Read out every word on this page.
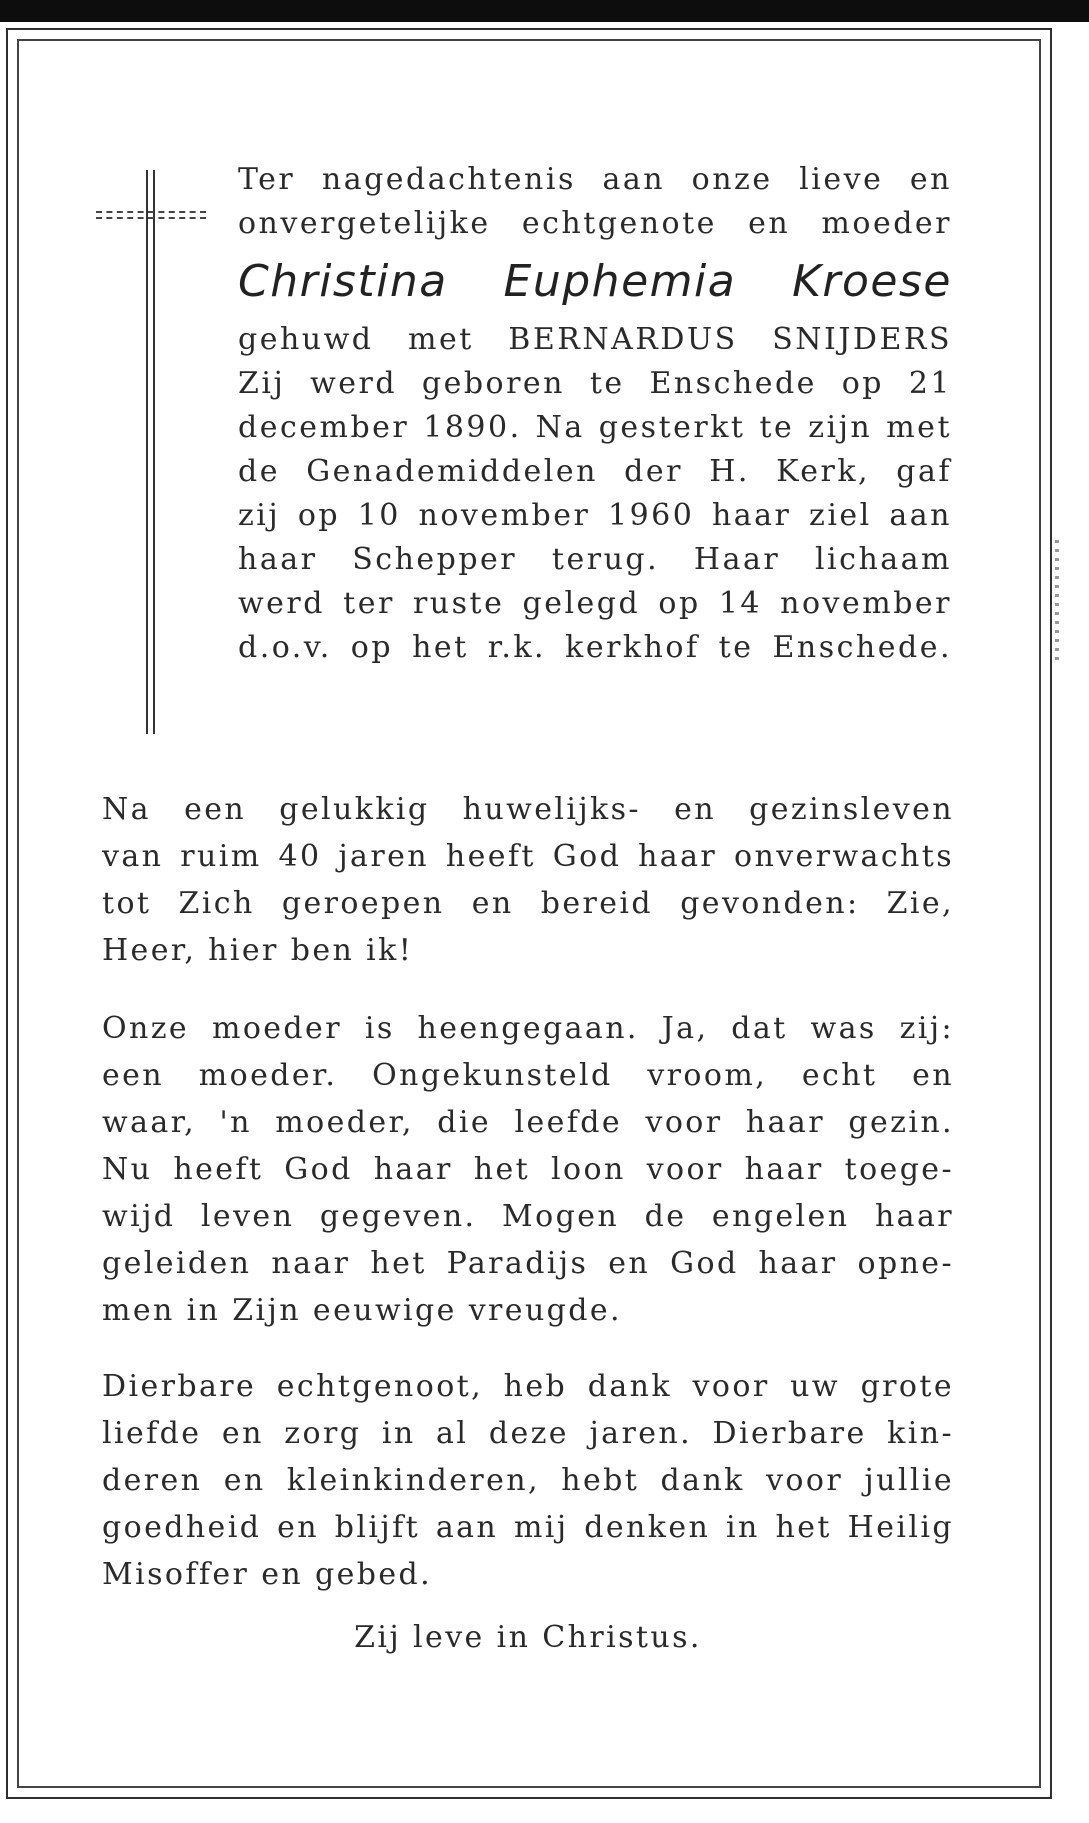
Ter nagedachtenis aan onze lieve en
onvergetelijke echtgenote en moeder
Christina Euphemia Kroese
gehuwd met BERNARDUS SNIJDERS
Zij werd geboren te Enschede op 21
december 1890. Na gesterkt te zijn met
de Genademiddelen der H. Kerk, gaf
zij op 10 november 1960 haar ziel aan
haar Schepper terug. Haar lichaam
werd ter ruste gelegd op 14 november
d.o.v. op het r.k. kerkhof te Enschede.
Na een gelukkig huwelijks- en gezinsleven
van ruim 40 jaren heeft God haar onverwachts
tot Zich geroepen en bereid gevonden: Zie,
Heer, hier ben ik!
Onze moeder is heengegaan. Ja, dat was zij:
een moeder. Ongekunsteld vroom, echt en
waar, 'n moeder, die leefde voor haar gezin.
Nu heeft God haar het loon voor haar toege-
wijd leven gegeven. Mogen de engelen haar
geleiden naar het Paradijs en God haar opne-
men in Zijn eeuwige vreugde.
Dierbare echtgenoot, heb dank voor uw grote
liefde en zorg in al deze jaren. Dierbare kin-
deren en kleinkinderen, hebt dank voor jullie
goedheid en blijft aan mij denken in het Heilig
Misoffer en gebed.
Zij leve in Christus.
